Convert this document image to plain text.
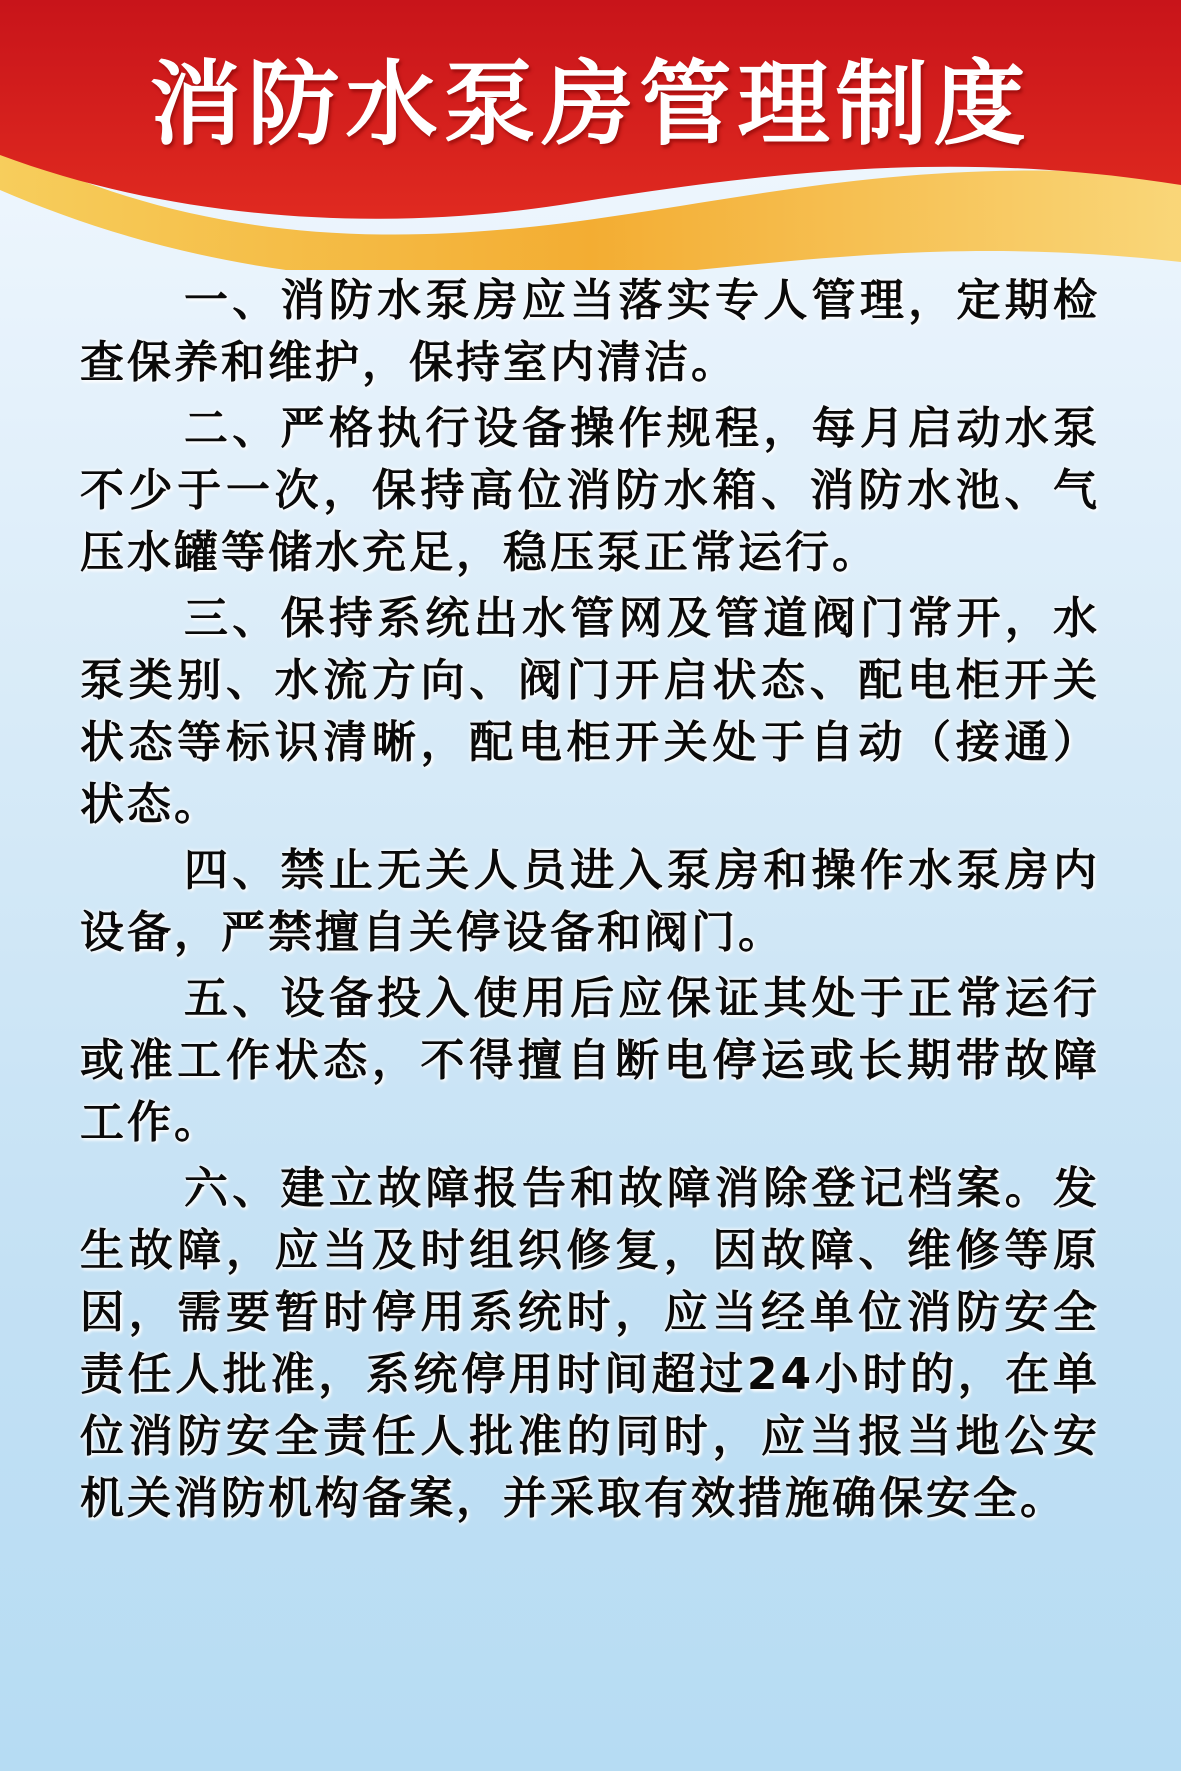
消防水泵房管理制度

一、消防水泵房应当落实专人管理，定期检查保养和维护，保持室内清洁。

二、严格执行设备操作规程，每月启动水泵不少于一次，保持高位消防水箱、消防水池、气压水罐等储水充足，稳压泵正常运行。

三、保持系统出水管网及管道阀门常开，水泵类别、水流方向、阀门开启状态、配电柜开关状态等标识清晰，配电柜开关处于自动（接通）状态。

四、禁止无关人员进入泵房和操作水泵房内设备，严禁擅自关停设备和阀门。

五、设备投入使用后应保证其处于正常运行或准工作状态，不得擅自断电停运或长期带故障工作。

六、建立故障报告和故障消除登记档案。发生故障，应当及时组织修复，因故障、维修等原因，需要暂时停用系统时，应当经单位消防安全责任人批准，系统停用时间超过24小时的，在单位消防安全责任人批准的同时，应当报当地公安机关消防机构备案，并采取有效措施确保安全。
